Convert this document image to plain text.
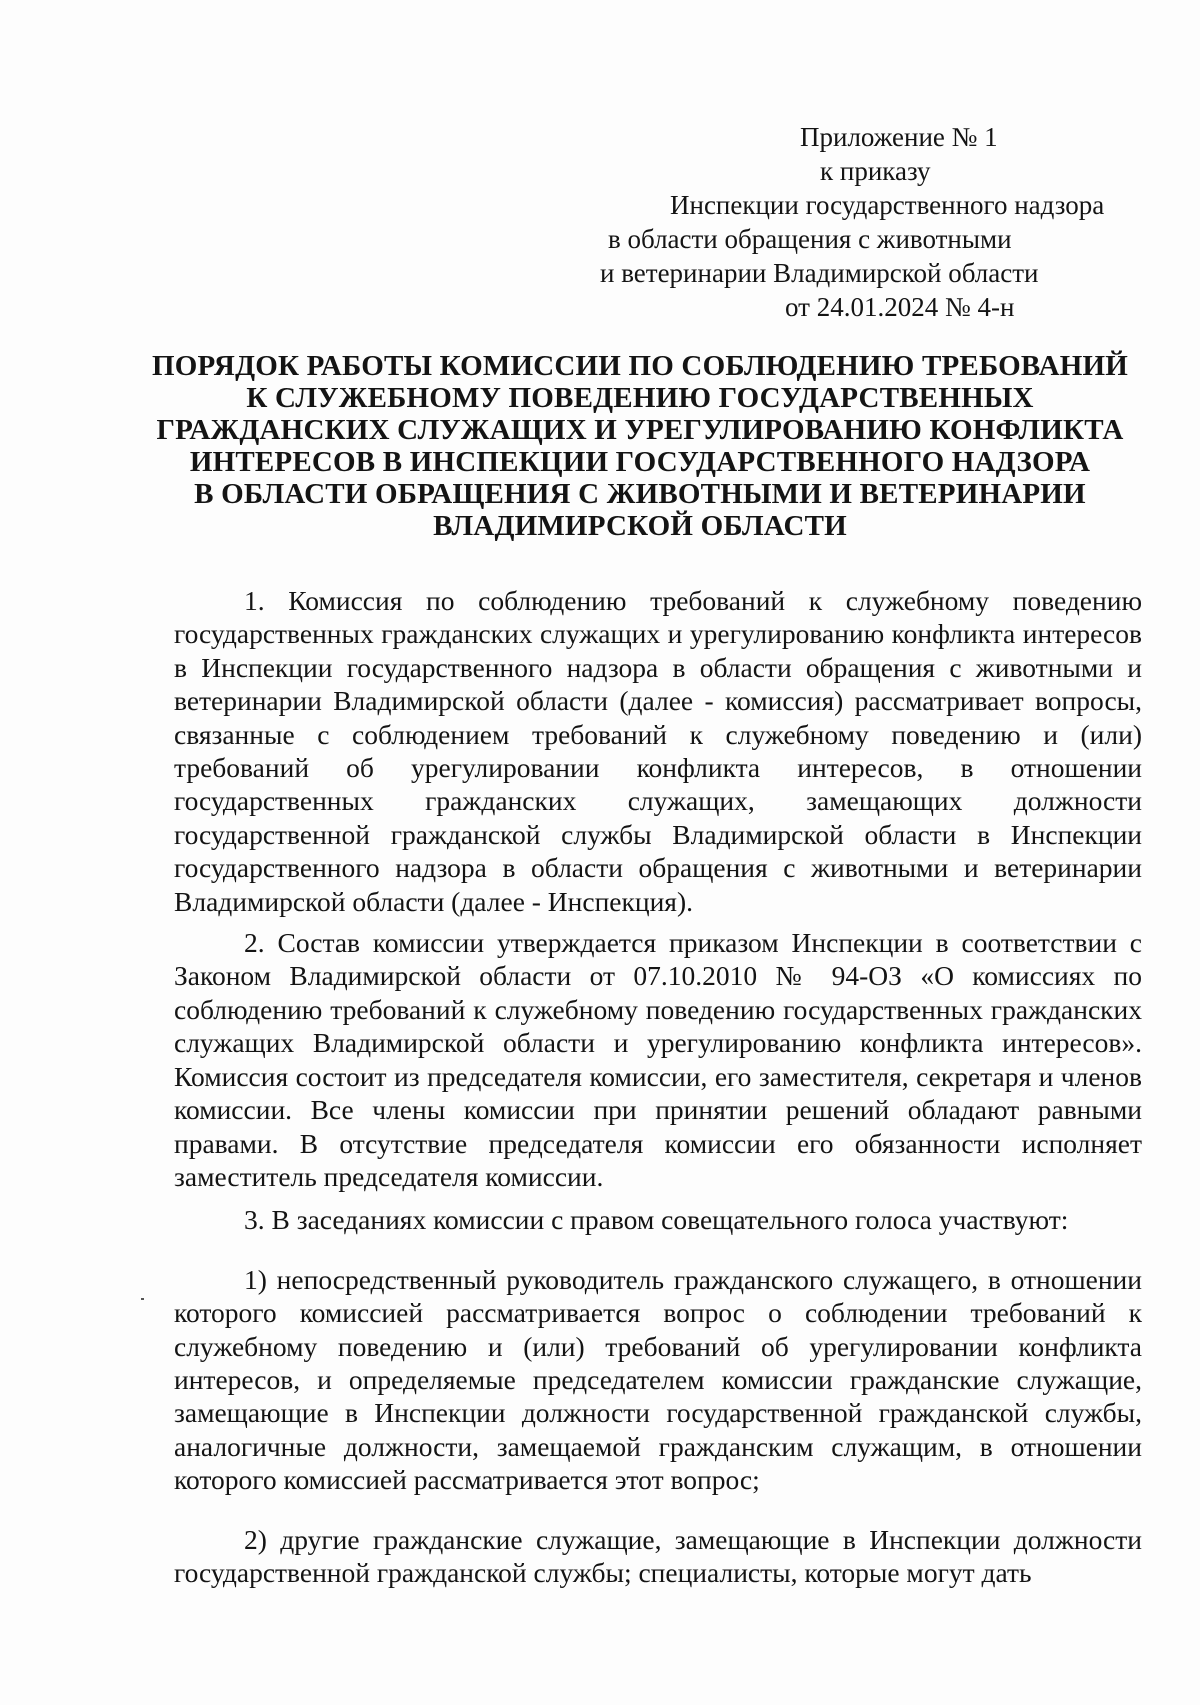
Приложение № 1
к приказу
Инспекции государственного надзора
в области обращения с животными
и ветеринарии Владимирской области
от 24.01.2024 № 4-н
ПОРЯДОК РАБОТЫ КОМИССИИ ПО СОБЛЮДЕНИЮ ТРЕБОВАНИЙ
К СЛУЖЕБНОМУ ПОВЕДЕНИЮ ГОСУДАРСТВЕННЫХ
ГРАЖДАНСКИХ СЛУЖАЩИХ И УРЕГУЛИРОВАНИЮ КОНФЛИКТА
ИНТЕРЕСОВ В ИНСПЕКЦИИ ГОСУДАРСТВЕННОГО НАДЗОРА
В ОБЛАСТИ ОБРАЩЕНИЯ С ЖИВОТНЫМИ И ВЕТЕРИНАРИИ
ВЛАДИМИРСКОЙ ОБЛАСТИ

1. Комиссия по соблюдению требований к служебному поведению государственных гражданских служащих и урегулированию конфликта интересов в Инспекции государственного надзора в области обращения с животными и ветеринарии Владимирской области (далее - комиссия) рассматривает вопросы, связанные с соблюдением требований к служебному поведению и (или) требований об урегулировании конфликта интересов, в отношении государственных гражданских служащих, замещающих должности государственной гражданской службы Владимирской области в Инспекции государственного надзора в области обращения с животными и ветеринарии Владимирской области (далее - Инспекция).

2. Состав комиссии утверждается приказом Инспекции в соответствии с Законом Владимирской области от 07.10.2010 № 94-ОЗ «О комиссиях по соблюдению требований к служебному поведению государственных гражданских служащих Владимирской области и урегулированию конфликта интересов». Комиссия состоит из председателя комиссии, его заместителя, секретаря и членов комиссии. Все члены комиссии при принятии решений обладают равными правами. В отсутствие председателя комиссии его обязанности исполняет заместитель председателя комиссии.

3. В заседаниях комиссии с правом совещательного голоса участвуют:

1) непосредственный руководитель гражданского служащего, в отношении которого комиссией рассматривается вопрос о соблюдении требований к служебному поведению и (или) требований об урегулировании конфликта интересов, и определяемые председателем комиссии гражданские служащие, замещающие в Инспекции должности государственной гражданской службы, аналогичные должности, замещаемой гражданским служащим, в отношении которого комиссией рассматривается этот вопрос;

2) другие гражданские служащие, замещающие в Инспекции должности государственной гражданской службы; специалисты, которые могут дать
